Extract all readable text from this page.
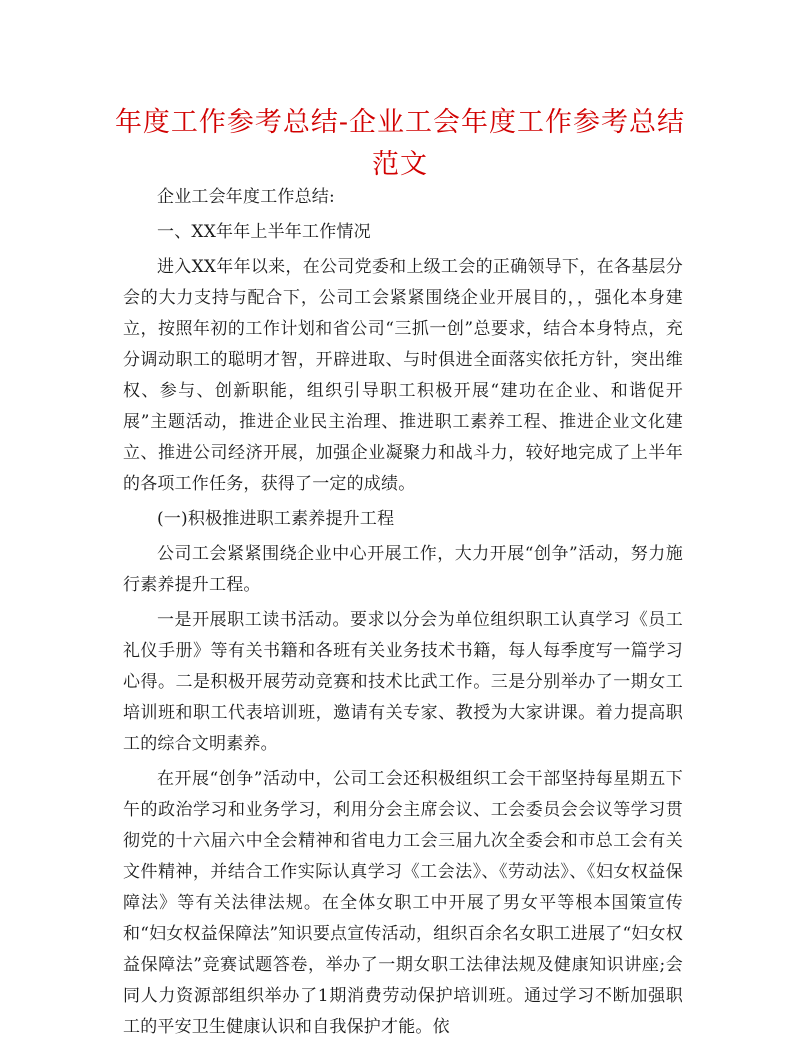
年度工作参考总结-企业工会年度工作参考总结范文

企业工会年度工作总结:

一、XX年年上半年工作情况

进入XX年年以来，在公司党委和上级工会的正确领导下，在各基层分会的大力支持与配合下，公司工会紧紧围绕企业开展目的，，强化本身建立，按照年初的工作计划和省公司“三抓一创”总要求，结合本身特点，充分调动职工的聪明才智，开辟进取、与时俱进全面落实依托方针，突出维权、参与、创新职能，组织引导职工积极开展“建功在企业、和谐促开展”主题活动，推进企业民主治理、推进职工素养工程、推进企业文化建立、推进公司经济开展，加强企业凝聚力和战斗力，较好地完成了上半年的各项工作任务，获得了一定的成绩。

(一)积极推进职工素养提升工程

公司工会紧紧围绕企业中心开展工作，大力开展“创争”活动，努力施行素养提升工程。

一是开展职工读书活动。要求以分会为单位组织职工认真学习《员工礼仪手册》等有关书籍和各班有关业务技术书籍，每人每季度写一篇学习心得。二是积极开展劳动竞赛和技术比武工作。三是分别举办了一期女工培训班和职工代表培训班，邀请有关专家、教授为大家讲课。着力提高职工的综合文明素养。

在开展“创争”活动中，公司工会还积极组织工会干部坚持每星期五下午的政治学习和业务学习，利用分会主席会议、工会委员会会议等学习贯彻党的十六届六中全会精神和省电力工会三届九次全委会和市总工会有关文件精神，并结合工作实际认真学习《工会法》、《劳动法》、《妇女权益保障法》等有关法律法规。在全体女职工中开展了男女平等根本国策宣传和“妇女权益保障法”知识要点宣传活动，组织百余名女职工进展了“妇女权益保障法”竞赛试题答卷，举办了一期女职工法律法规及健康知识讲座;会同人力资源部组织举办了1期消费劳动保护培训班。通过学习不断加强职工的平安卫生健康认识和自我保护才能。依
